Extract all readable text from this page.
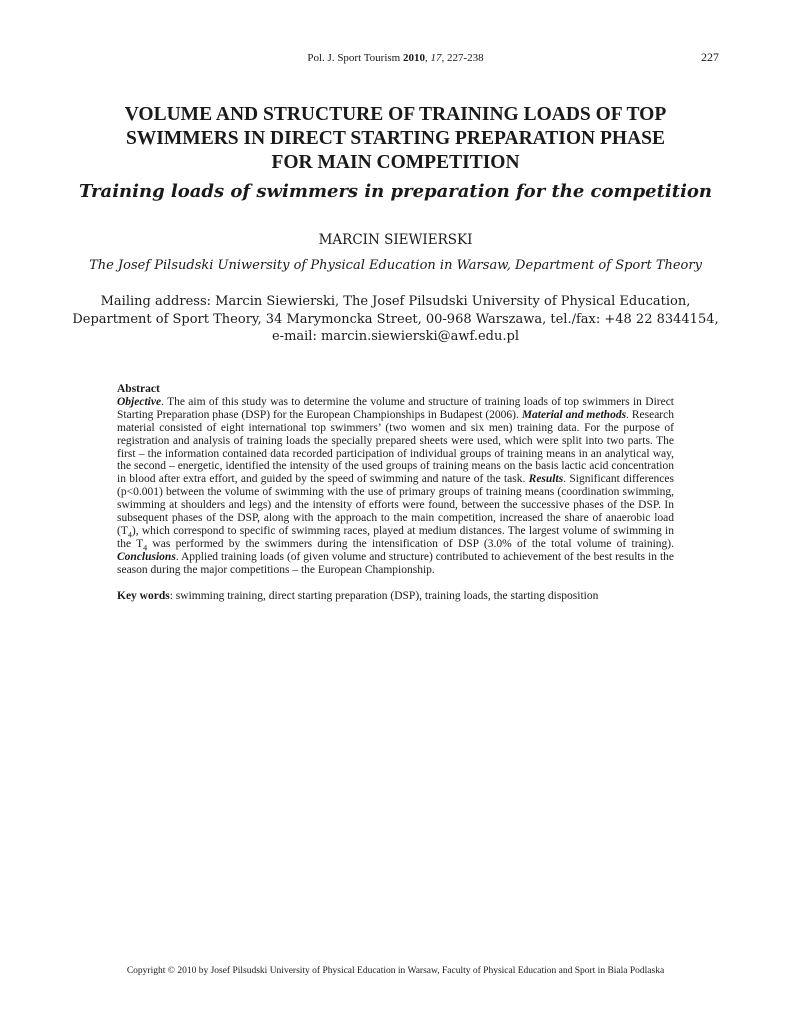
Pol. J. Sport Tourism 2010, 17, 227-238	227
VOLUME AND STRUCTURE OF TRAINING LOADS OF TOP
SWIMMERS IN DIRECT STARTING PREPARATION PHASE
FOR MAIN COMPETITION
Training loads of swimmers in preparation for the competition
MARCIN SIEWIERSKI
The Josef Pilsudski Uniwersity of Physical Education in Warsaw, Department of Sport Theory
Mailing address: Marcin Siewierski, The Josef Pilsudski University of Physical Education,
Department of Sport Theory, 34 Marymoncka Street, 00-968 Warszawa, tel./fax: +48 22 8344154,
e-mail: marcin.siewierski@awf.edu.pl
Abstract
Objective. The aim of this study was to determine the volume and structure of training loads of top swimmers in Direct Starting Preparation phase (DSP) for the European Championships in Budapest (2006). Material and methods. Research material consisted of eight international top swimmers’ (two women and six men) training data. For the purpose of registration and analysis of training loads the specially prepared sheets were used, which were split into two parts. The first – the information contained data recorded participation of individual groups of training means in an analytical way, the second – energetic, identified the intensity of the used groups of training means on the basis lactic acid concentration in blood after extra effort, and guided by the speed of swimming and nature of the task. Results. Significant differences (p<0.001) between the volume of swimming with the use of primary groups of training means (coordination swimming, swimming at shoulders and legs) and the intensity of efforts were found, between the successive phases of the DSP. In subsequent phases of the DSP, along with the approach to the main competition, increased the share of anaerobic load $(T_4)$, which correspond to specific of swimming races, played at medium distances. The largest volume of swimming in the $T_4$ was performed by the swimmers during the intensification of DSP (3.0% of the total volume of training). Conclusions. Applied training loads (of given volume and structure) contributed to achievement of the best results in the season during the major competitions – the European Championship.
Key words: swimming training, direct starting preparation (DSP), training loads, the starting disposition
Copyright © 2010 by Josef Pilsudski University of Physical Education in Warsaw, Faculty of Physical Education and Sport in Biala Podlaska
